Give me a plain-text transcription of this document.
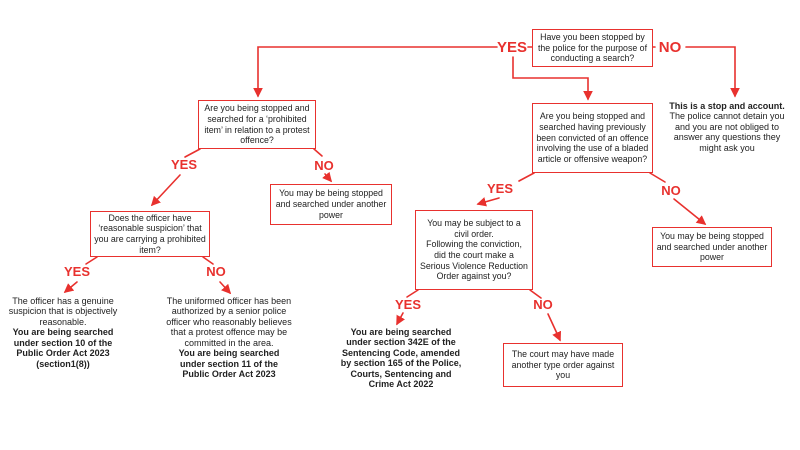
Have you been stopped by the police for the purpose of conducting a search?
Are you being stopped and searched for a ‘prohibited item’ in relation to a protest offence?
Are you being stopped and searched having previously been convicted of an offence involving the use of a bladed article or offensive weapon?
You may be being stopped and searched under another power
Does the officer have ‘reasonable suspicion’ that you are carrying a prohibited item?
You may be subject to a civil order.
Following the conviction, did the court make a Serious Violence Reduction Order against you?
You may be being stopped and searched under another power
The court may have made another type order against you
This is a stop and account.
The police cannot detain you and you are not obliged to answer any questions they might ask you
The officer has a genuine suspicion that is objectively reasonable.
You are being searched under section 10 of the Public Order Act 2023 (section1(8))
The uniformed officer has been authorized by a senior police officer who reasonably believes that a protest offence may be committed in the area.
You are being searched under section 11 of the Public Order Act 2023
You are being searched under section 342E of the Sentencing Code, amended by section 165 of the Police, Courts, Sentencing and Crime Act 2022
YES	NO
YES	NO
YES	NO
YES	NO
YES	NO
